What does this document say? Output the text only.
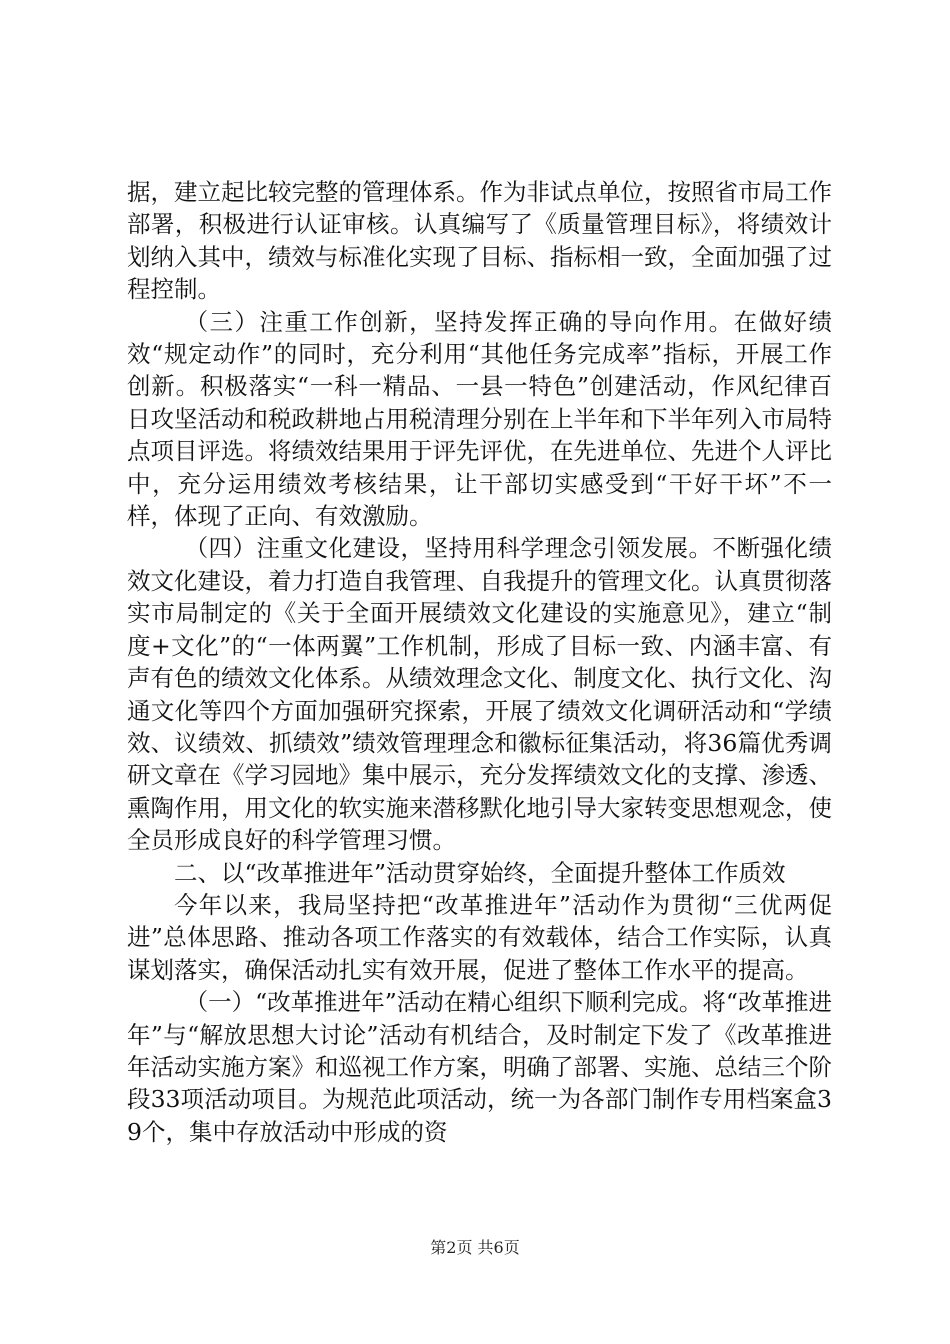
据，建立起比较完整的管理体系。作为非试点单位，按照省市局工作部署，积极进行认证审核。认真编写了《质量管理目标》，将绩效计划纳入其中，绩效与标准化实现了目标、指标相一致，全面加强了过程控制。

（三）注重工作创新，坚持发挥正确的导向作用。在做好绩效“规定动作”的同时，充分利用“其他任务完成率”指标，开展工作创新。积极落实“一科一精品、一县一特色”创建活动，作风纪律百日攻坚活动和税政耕地占用税清理分别在上半年和下半年列入市局特点项目评选。将绩效结果用于评先评优，在先进单位、先进个人评比中，充分运用绩效考核结果，让干部切实感受到“干好干坏”不一样，体现了正向、有效激励。

（四）注重文化建设，坚持用科学理念引领发展。不断强化绩效文化建设，着力打造自我管理、自我提升的管理文化。认真贯彻落实市局制定的《关于全面开展绩效文化建设的实施意见》，建立“制度+文化”的“一体两翼”工作机制，形成了目标一致、内涵丰富、有声有色的绩效文化体系。从绩效理念文化、制度文化、执行文化、沟通文化等四个方面加强研究探索，开展了绩效文化调研活动和“学绩效、议绩效、抓绩效”绩效管理理念和徽标征集活动，将36篇优秀调研文章在《学习园地》集中展示，充分发挥绩效文化的支撑、渗透、熏陶作用，用文化的软实施来潜移默化地引导大家转变思想观念，使全员形成良好的科学管理习惯。

二、以“改革推进年”活动贯穿始终，全面提升整体工作质效

今年以来，我局坚持把“改革推进年”活动作为贯彻“三优两促进”总体思路、推动各项工作落实的有效载体，结合工作实际，认真谋划落实，确保活动扎实有效开展，促进了整体工作水平的提高。

（一）“改革推进年”活动在精心组织下顺利完成。将“改革推进年”与“解放思想大讨论”活动有机结合，及时制定下发了《改革推进年活动实施方案》和巡视工作方案，明确了部署、实施、总结三个阶段33项活动项目。为规范此项活动，统一为各部门制作专用档案盒39个，集中存放活动中形成的资

第2页 共6页
